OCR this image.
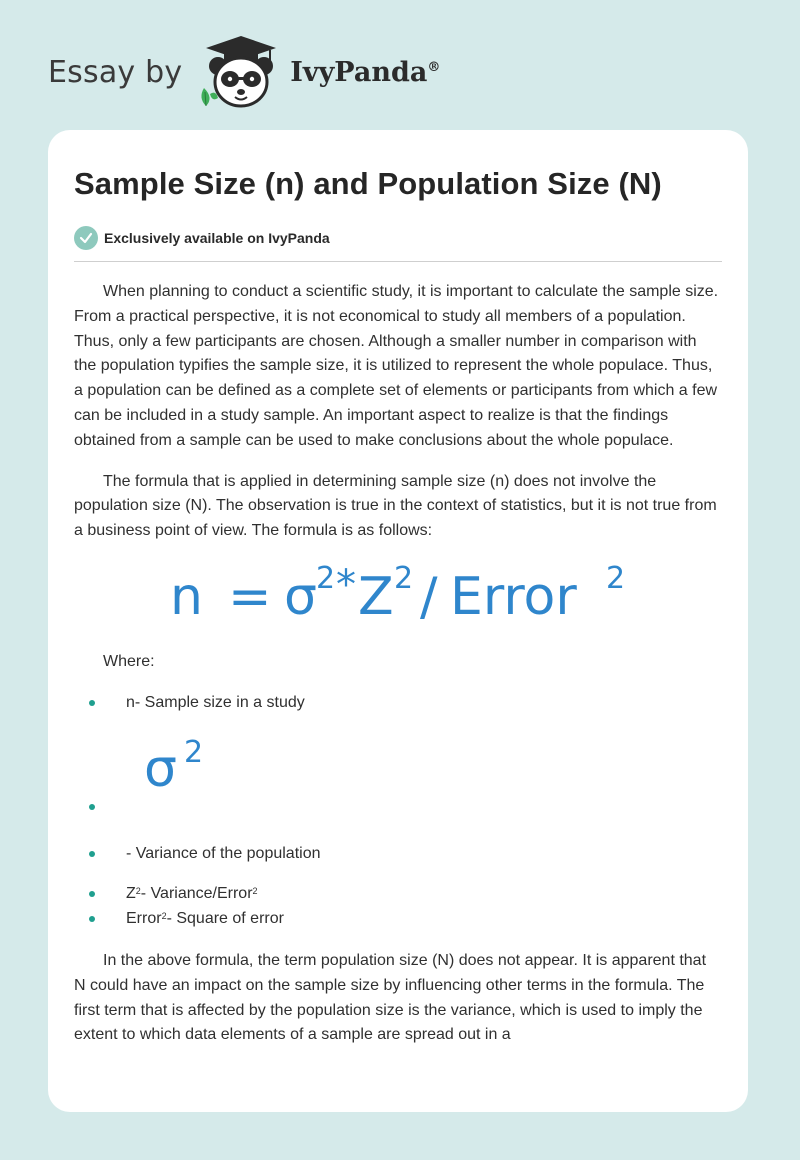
Essay by	IvyPanda®
Sample Size (n) and Population Size (N)
Exclusively available on IvyPanda

When planning to conduct a scientific study, it is important to calculate the sample size. From a practical perspective, it is not economical to study all members of a population. Thus, only a few participants are chosen. Although a smaller number in comparison with the population typifies the sample size, it is utilized to represent the whole populace. Thus, a population can be defined as a complete set of elements or participants from which a few can be included in a study sample. An important aspect to realize is that the findings obtained from a sample can be used to make conclusions about the whole populace.

The formula that is applied in determining sample size (n) does not involve the population size (N). The observation is true in the context of statistics, but it is not true from a business point of view. The formula is as follows:

n = σ 2 * Z 2 / Error 2

Where:

n- Sample size in a study
σ 2
- Variance of the population
$Z^2-$ Variance/Error$^2$
Error$^2$- Square of error

In the above formula, the term population size (N) does not appear. It is apparent that N could have an impact on the sample size by influencing other terms in the formula. The first term that is affected by the population size is the variance, which is used to imply the extent to which data elements of a sample are spread out in a
